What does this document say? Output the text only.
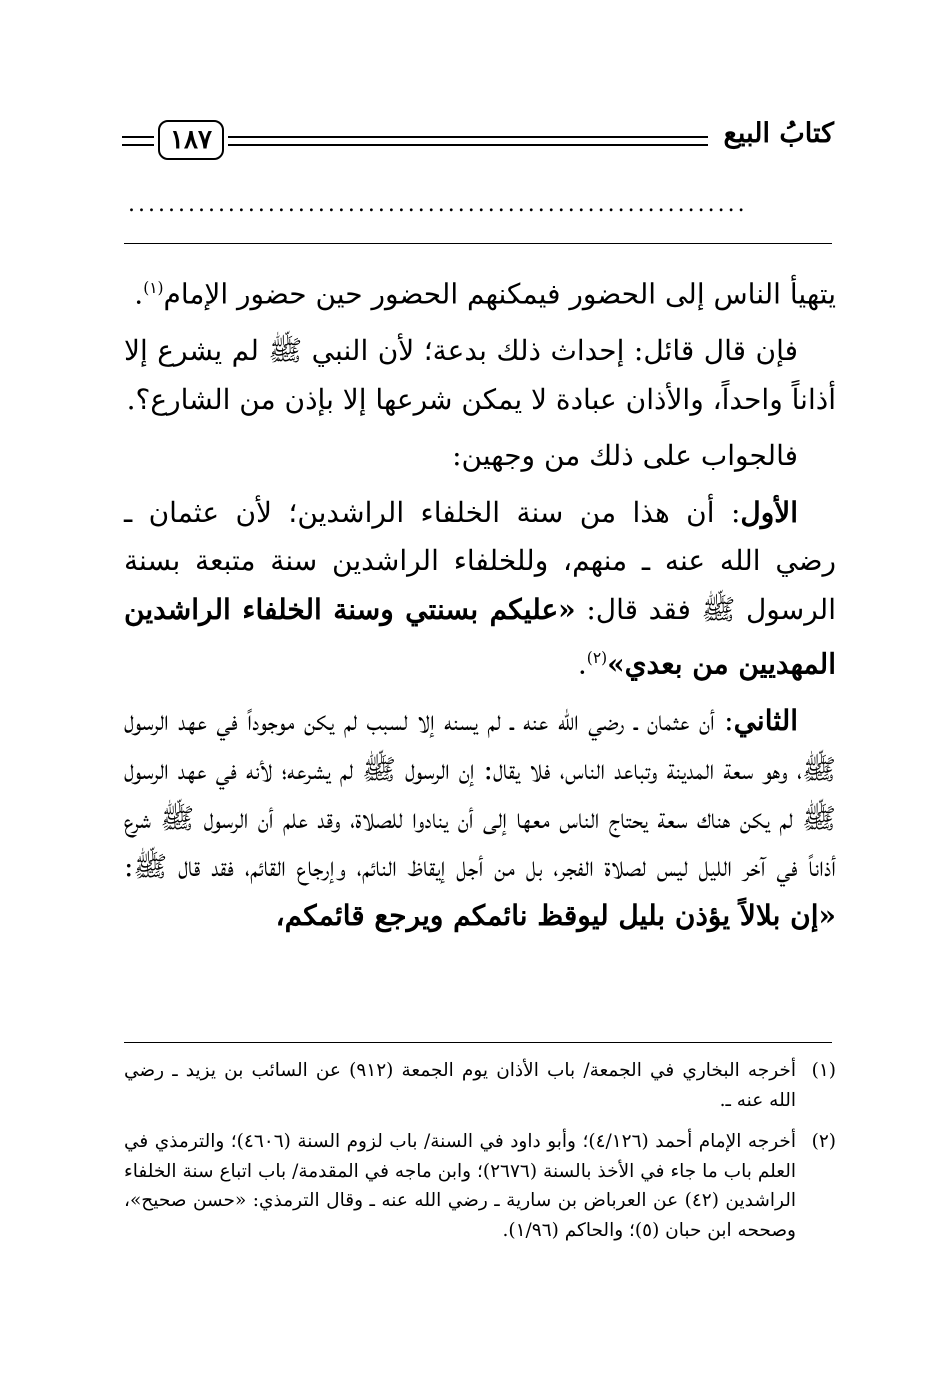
١٨٧	كتابُ البيع
..............................................................

يتهيأ الناس إلى الحضور فيمكنهم الحضور حين حضور الإمام$^{(١)}$.

فإن قال قائل: إحداث ذلك بدعة؛ لأن النبي ﷺ لم يشرع إلا أذاناً واحداً، والأذان عبادة لا يمكن شرعها إلا بإذن من الشارع؟.

فالجواب على ذلك من وجهين:

الأول: أن هذا من سنة الخلفاء الراشدين؛ لأن عثمان ـ رضي الله عنه ـ منهم، وللخلفاء الراشدين سنة متبعة بسنة الرسول ﷺ فقد قال: «عليكم بسنتي وسنة الخلفاء الراشدين المهديين من بعدي»$^{(٢)}$.

الثاني: أن عثمان ـ رضي الله عنه ـ لم يسنه إلا لسبب لم يكن موجوداً في عهد الرسول ﷺ، وهو سعة المدينة وتباعد الناس، فلا يقال: إن الرسول ﷺ لم يشرعه؛ لأنه في عهد الرسول ﷺ لم يكن هناك سعة يحتاج الناس معها إلى أن ينادوا للصلاة، وقد علم أن الرسول ﷺ شرع أذاناً في آخر الليل ليس لصلاة الفجر، بل من أجل إيقاظ النائم، وإرجاع القائم، فقد قال ﷺ: «إن بلالاً يؤذن بليل ليوقظ نائمكم ويرجع قائمكم،

(١)
أخرجه البخاري في الجمعة/ باب الأذان يوم الجمعة (٩١٢) عن السائب بن يزيد ـ رضي الله عنه ـ.
(٢)
أخرجه الإمام أحمد (٤/١٢٦)؛ وأبو داود في السنة/ باب لزوم السنة (٤٦٠٦)؛ والترمذي في العلم باب ما جاء في الأخذ بالسنة (٢٦٧٦)؛ وابن ماجه في المقدمة/ باب اتباع سنة الخلفاء الراشدين (٤٢) عن العرباض بن سارية ـ رضي الله عنه ـ وقال الترمذي: «حسن صحيح»، وصححه ابن حبان (٥)؛ والحاكم (١/٩٦).
